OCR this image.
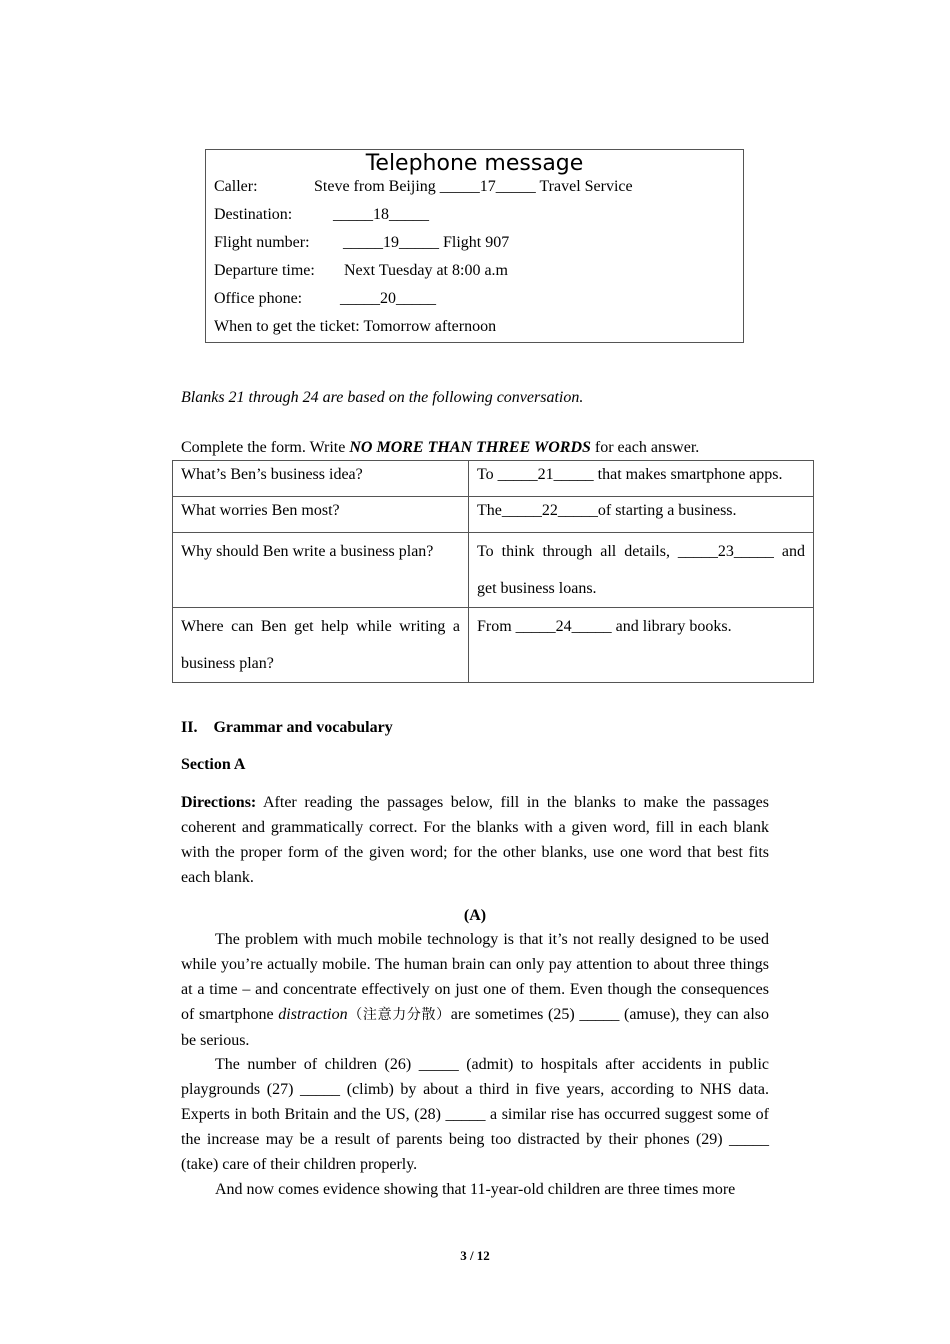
Telephone message
Caller:	Steve from Beijing _____17_____ Travel Service
Destination:	_____18_____
Flight number: _____19_____ Flight 907
Departure time: Next Tuesday at 8:00 a.m
Office phone: _____20_____
When to get the ticket: Tomorrow afternoon
Blanks 21 through 24 are based on the following conversation.
Complete the form. Write NO MORE THAN THREE WORDS for each answer.
What’s Ben’s business idea?	To _____21_____ that makes smartphone apps.
What worries Ben most?	The_____22_____of starting a business.
Why should Ben write a business plan?	To think through all details, _____23_____ and
get business loans.

Where can Ben get help while writing a
business plan?	From _____24_____ and library books.
II.    Grammar and vocabulary
Section A
Directions: After reading the passages below, fill in the blanks to make the passages coherent and grammatically correct. For the blanks with a given word, fill in each blank with the proper form of the given word; for the other blanks, use one word that best fits each blank.
(A)
The problem with much mobile technology is that it’s not really designed to be used while you’re actually mobile. The human brain can only pay attention to about three things at a time – and concentrate effectively on just one of them. Even though the consequences of smartphone distraction（注意力分散）are sometimes (25) _____ (amuse), they can also be serious.
The number of children (26) _____ (admit) to hospitals after accidents in public playgrounds (27) _____ (climb) by about a third in five years, according to NHS data. Experts in both Britain and the US, (28) _____ a similar rise has occurred suggest some of the increase may be a result of parents being too distracted by their phones (29) _____ (take) care of their children properly.
And now comes evidence showing that 11-year-old children are three times more
3 / 12
